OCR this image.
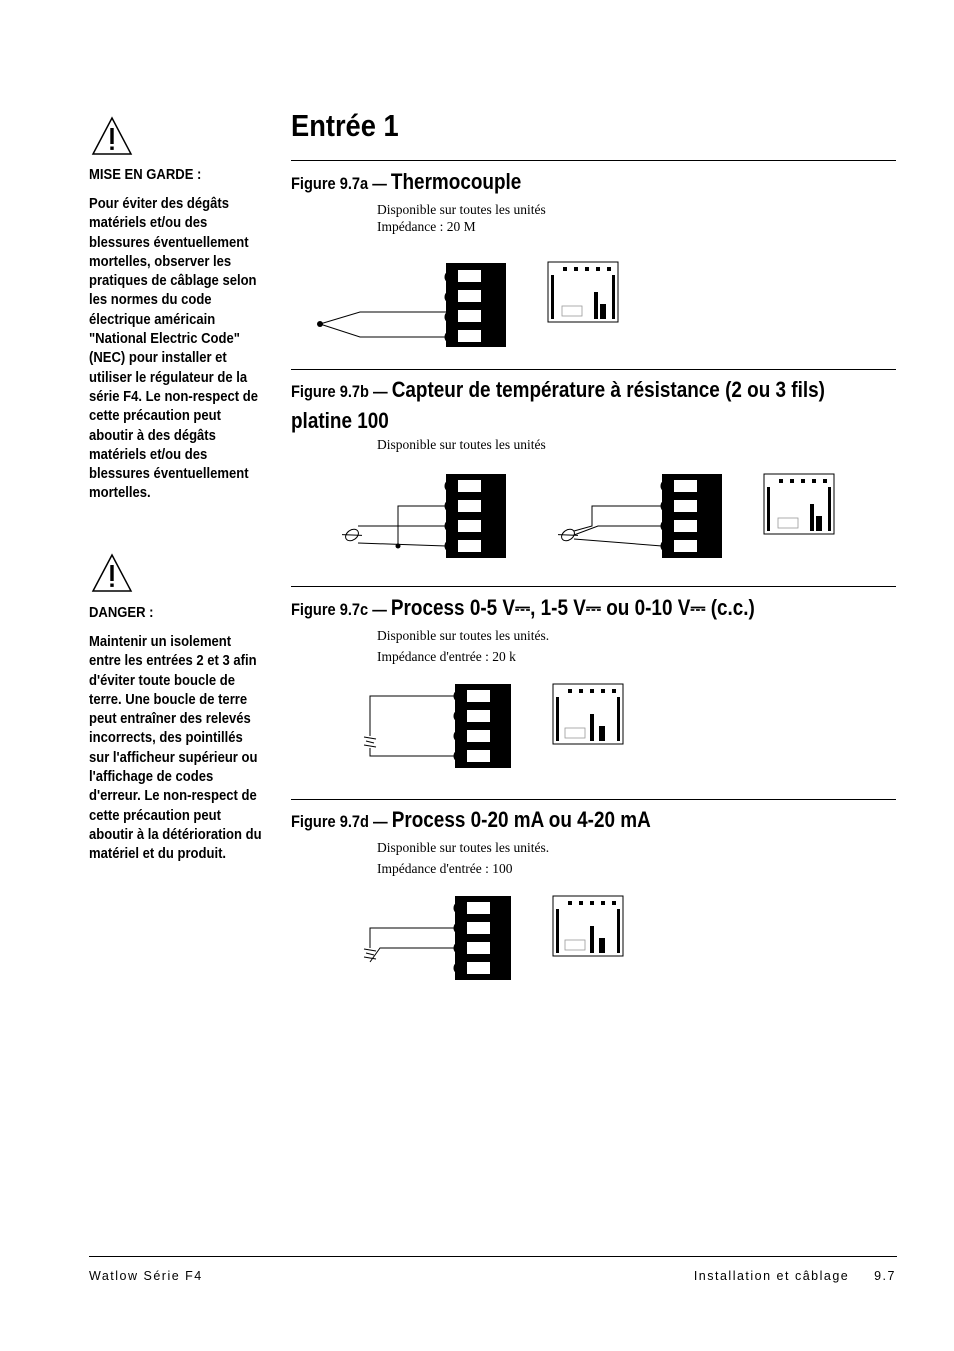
MISE EN GARDE :

Pour éviter des dégâts matériels et/ou des blessures éventuellement mortelles, observer les pratiques de câblage selon les normes du code électrique américain "National Electric Code" (NEC) pour installer et utiliser le régulateur de la série F4. Le non-respect de cette précaution peut aboutir à des dégâts matériels et/ou des blessures éventuellement mortelles.

DANGER :

Maintenir un isolement entre les entrées 2 et 3 afin d'éviter toute boucle de terre. Une boucle de terre peut entraîner des relevés incorrects, des pointillés sur l'afficheur supérieur ou l'affichage de codes d'erreur. Le non-respect de cette précaution peut aboutir à la détérioration du matériel et du produit.

Entrée 1

Figure 9.7a — Thermocouple

Disponible sur toutes les unités

Impédance : 20 M

Figure 9.7b — Capteur de température à résistance (2 ou 3 fils) platine 100

Disponible sur toutes les unités

Figure 9.7c — Process 0-5 V⎓, 1-5 V⎓ ou 0-10 V⎓ (c.c.)

Disponible sur toutes les unités.

Impédance d'entrée : 20 k

Figure 9.7d — Process 0-20 mA ou 4-20 mA

Disponible sur toutes les unités.

Impédance d'entrée : 100

Watlow Série F4	Installation et câblage     9.7
